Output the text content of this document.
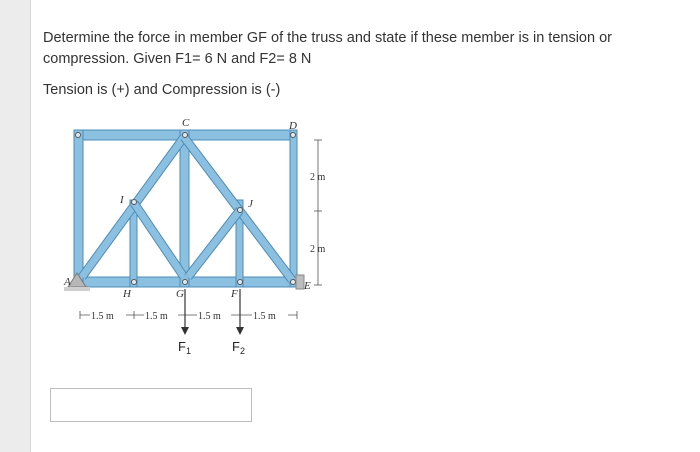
Determine the force in member GF of the truss and state if these member is in tension or
compression. Given F1= 6 N and F2= 8 N
Tension is (+) and Compression is (-)
A
C	D
E
F
G
H
I	J
2 m
2 m
1.5 m	1.5 m	1.5 m	1.5 m
$F_1$	$F_2$
